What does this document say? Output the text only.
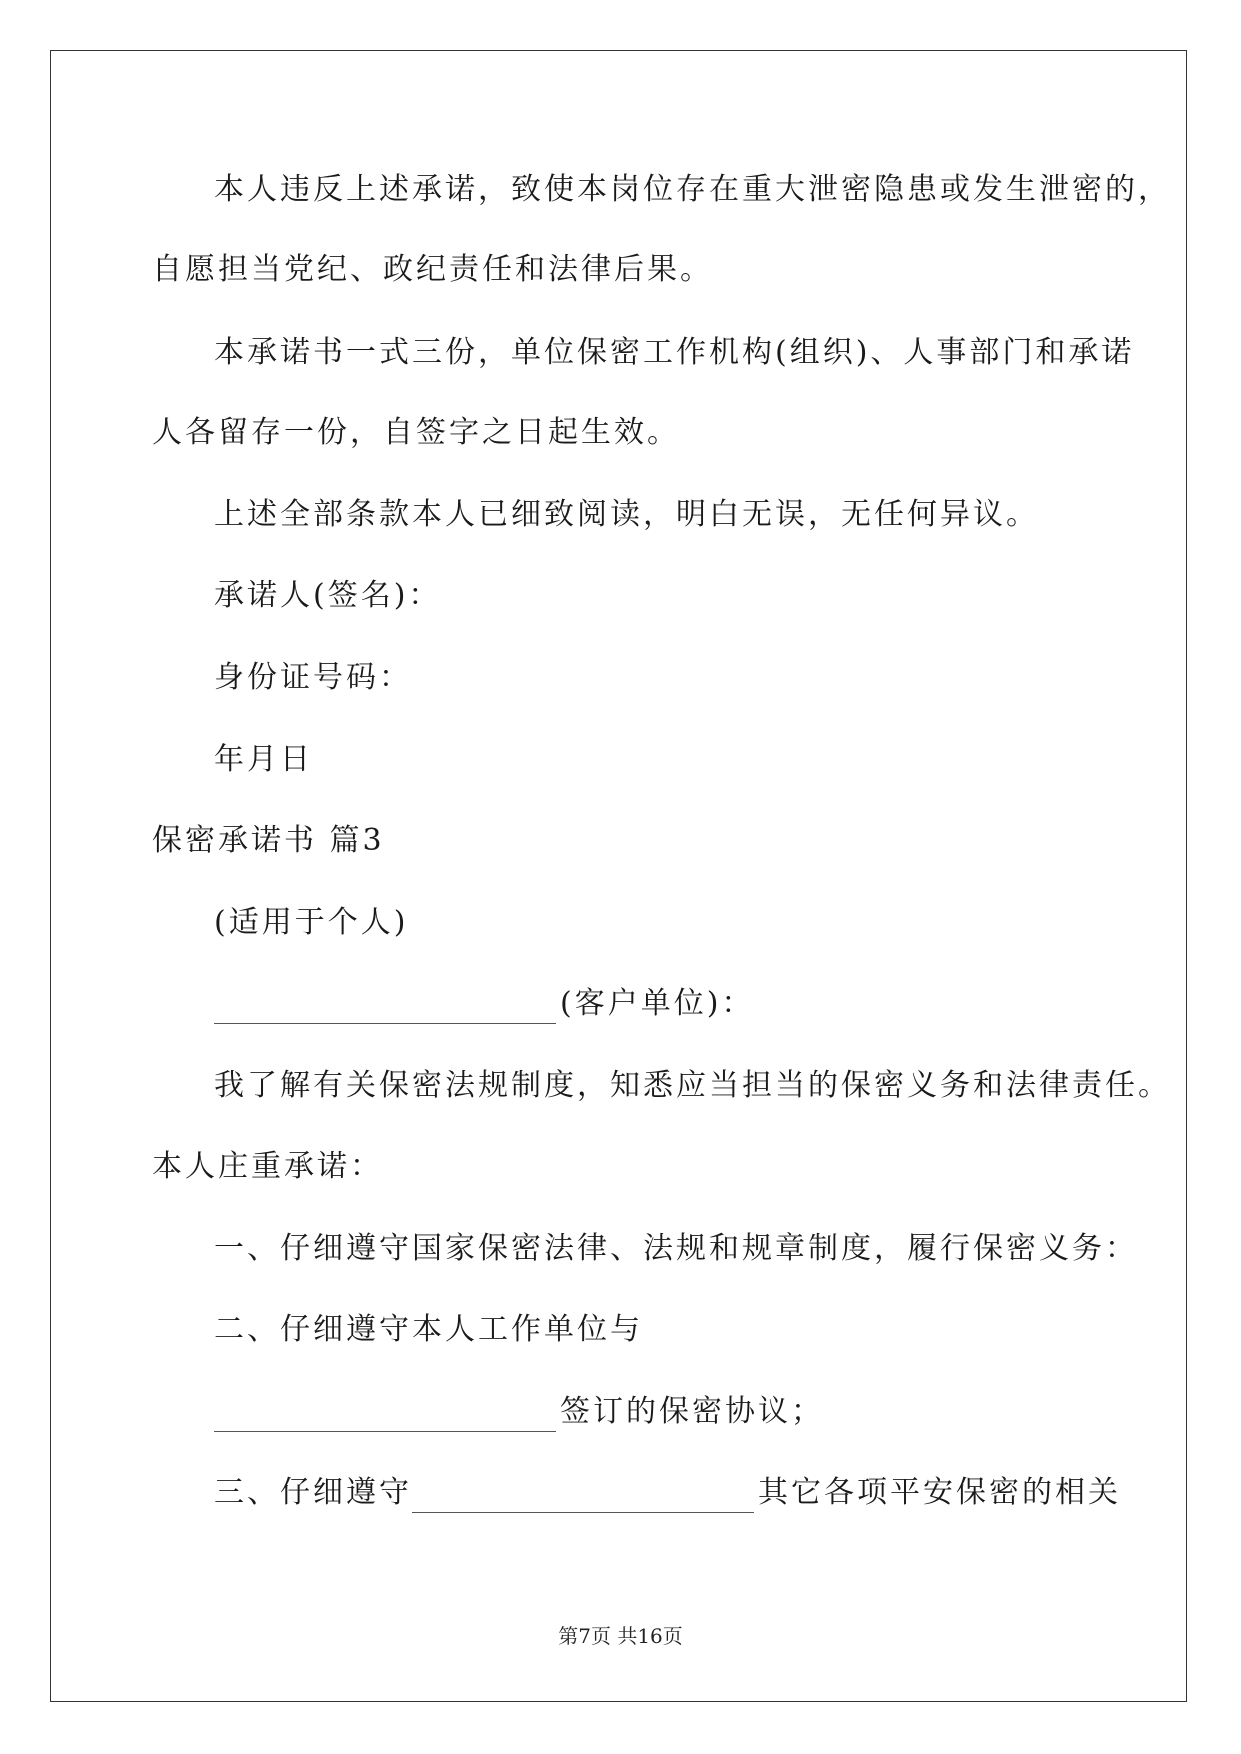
本人违反上述承诺，致使本岗位存在重大泄密隐患或发生泄密的，
自愿担当党纪、政纪责任和法律后果。
本承诺书一式三份，单位保密工作机构(组织)、人事部门和承诺
人各留存一份，自签字之日起生效。
上述全部条款本人已细致阅读，明白无误，无任何异议。
承诺人(签名)：
身份证号码：
年月日
保密承诺书 篇3
(适用于个人)
(客户单位)：
我了解有关保密法规制度，知悉应当担当的保密义务和法律责任。
本人庄重承诺：
一、仔细遵守国家保密法律、法规和规章制度，履行保密义务：
二、仔细遵守本人工作单位与
签订的保密协议；
三、仔细遵守	其它各项平安保密的相关
第7页 共16页
